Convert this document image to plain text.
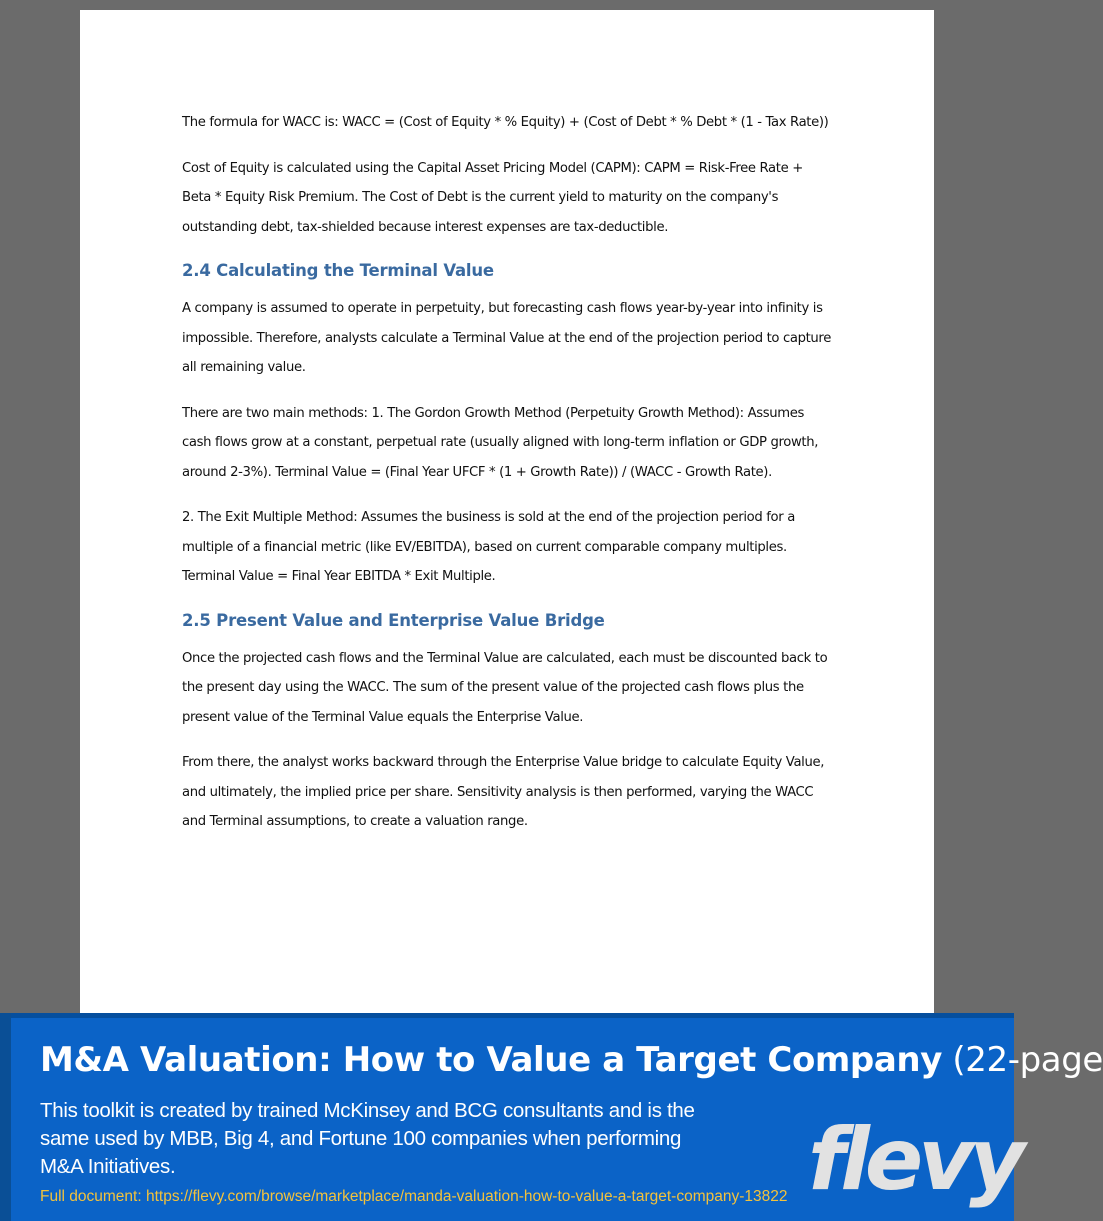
The formula for WACC is: WACC = (Cost of Equity * % Equity) + (Cost of Debt * % Debt * (1 - Tax Rate))

Cost of Equity is calculated using the Capital Asset Pricing Model (CAPM): CAPM = Risk-Free Rate + Beta * Equity Risk Premium. The Cost of Debt is the current yield to maturity on the company's outstanding debt, tax-shielded because interest expenses are tax-deductible.

2.4 Calculating the Terminal Value

A company is assumed to operate in perpetuity, but forecasting cash flows year-by-year into infinity is impossible. Therefore, analysts calculate a Terminal Value at the end of the projection period to capture all remaining value.

There are two main methods: 1. The Gordon Growth Method (Perpetuity Growth Method): Assumes cash flows grow at a constant, perpetual rate (usually aligned with long-term inflation or GDP growth, around 2-3%). Terminal Value = (Final Year UFCF * (1 + Growth Rate)) / (WACC - Growth Rate).

2. The Exit Multiple Method: Assumes the business is sold at the end of the projection period for a multiple of a financial metric (like EV/EBITDA), based on current comparable company multiples. Terminal Value = Final Year EBITDA * Exit Multiple.

2.5 Present Value and Enterprise Value Bridge

Once the projected cash flows and the Terminal Value are calculated, each must be discounted back to the present day using the WACC. The sum of the present value of the projected cash flows plus the present value of the Terminal Value equals the Enterprise Value.

From there, the analyst works backward through the Enterprise Value bridge to calculate Equity Value, and ultimately, the implied price per share. Sensitivity analysis is then performed, varying the WACC and Terminal assumptions, to create a valuation range.

M&A Valuation: How to Value a Target Company (22-page

This toolkit is created by trained McKinsey and BCG consultants and is the same used by MBB, Big 4, and Fortune 100 companies when performing M&A Initiatives.

Full document: https://flevy.com/browse/marketplace/manda-valuation-how-to-value-a-target-company-13822 flevy
